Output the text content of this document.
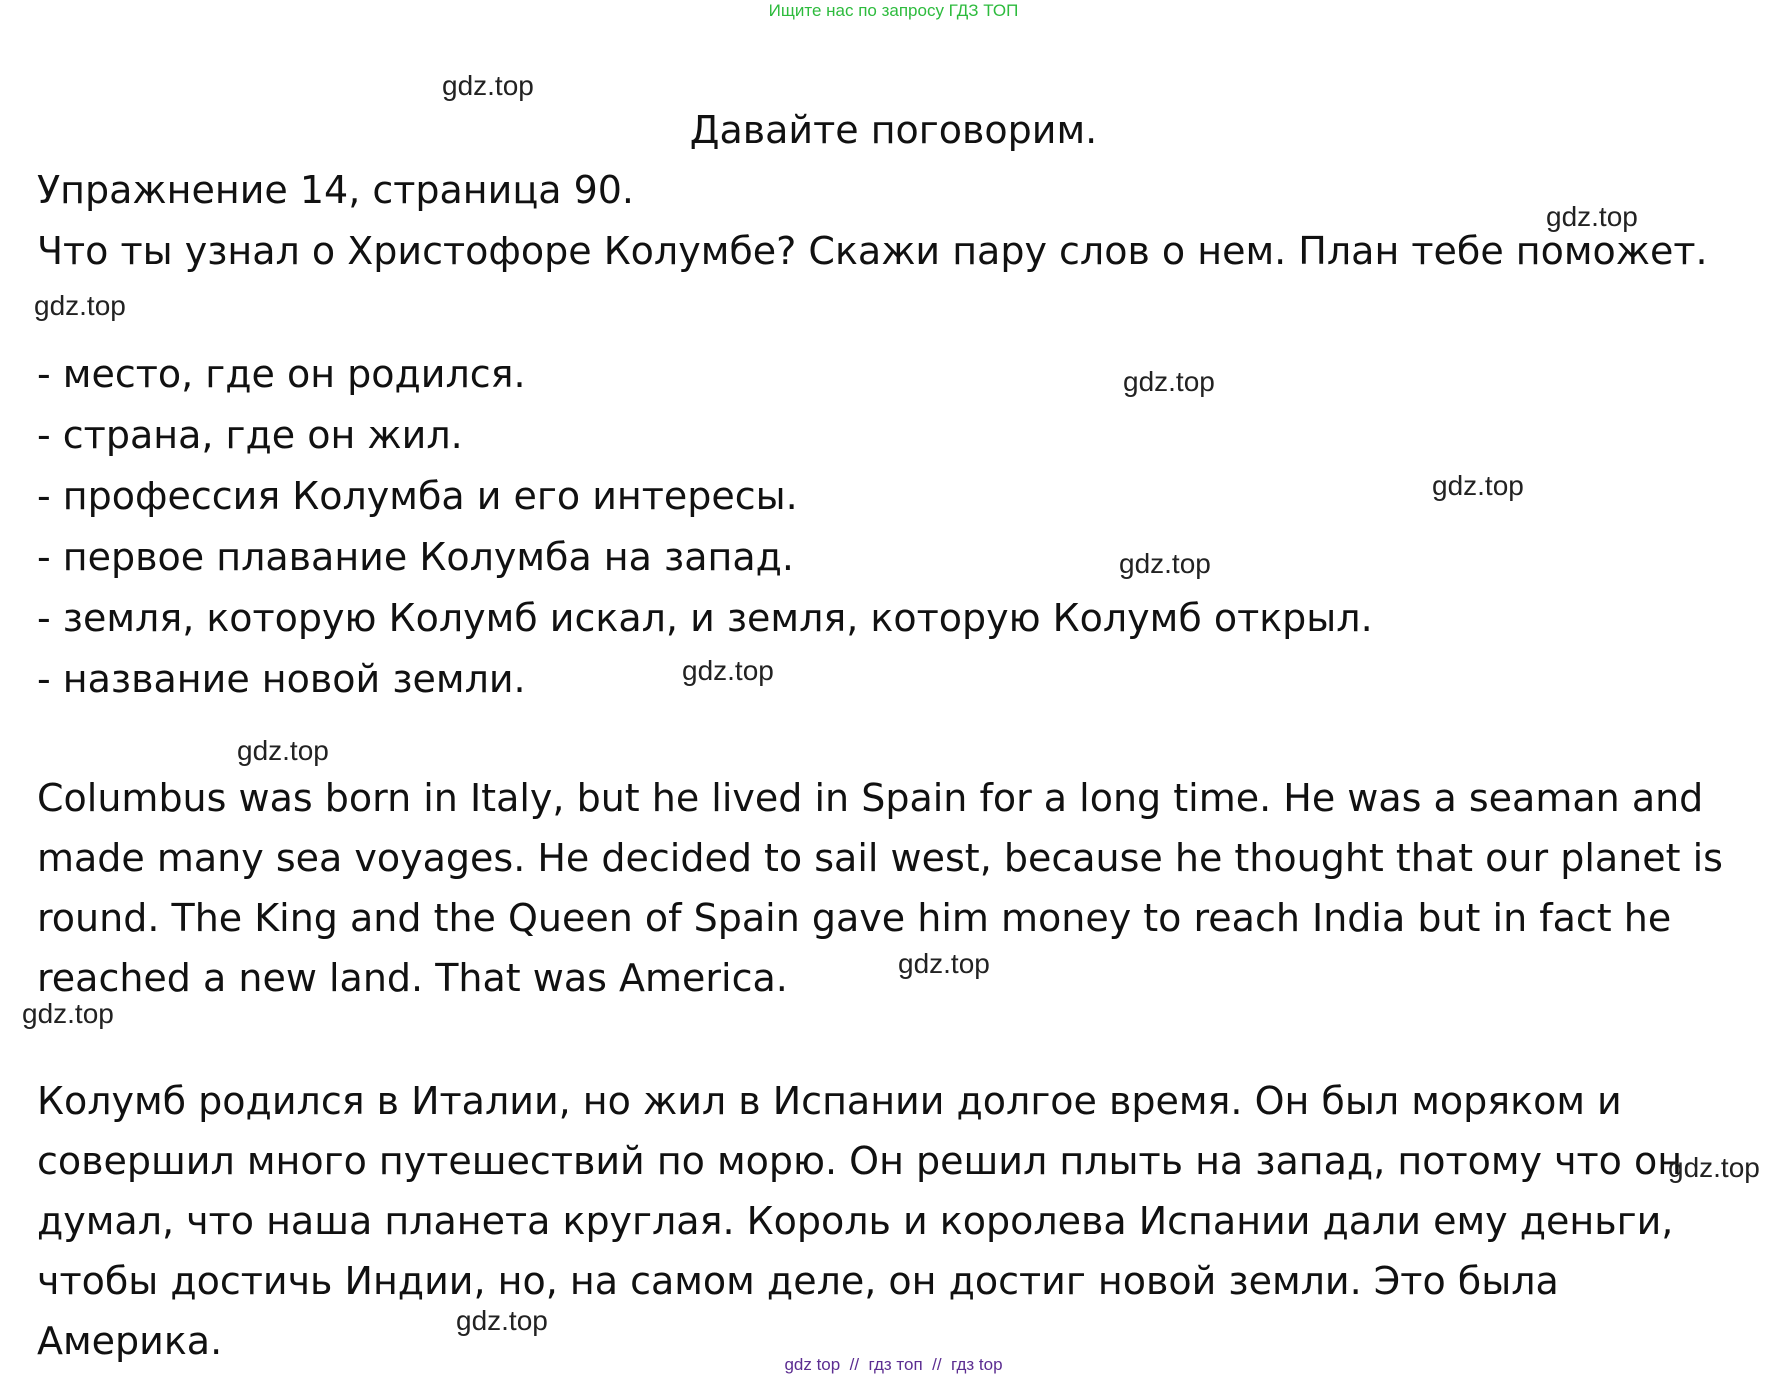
Ищите нас по запросу ГДЗ ТОП
Давайте поговорим.
Упражнение 14, страница 90.
Что ты узнал о Христофоре Колумбе? Скажи пару слов о нем. План тебе поможет.
- место, где он родился.
- страна, где он жил.
- профессия Колумба и его интересы.
- первое плавание Колумба на запад.
- земля, которую Колумб искал, и земля, которую Колумб открыл.
- название новой земли.
Columbus was born in Italy, but he lived in Spain for a long time. He was a seaman and made many sea voyages. He decided to sail west, because he thought that our planet is round. The King and the Queen of Spain gave him money to reach India but in fact he reached a new land. That was America.
Колумб родился в Италии, но жил в Испании долгое время. Он был моряком и совершил много путешествий по морю. Он решил плыть на запад, потому что он думал, что наша планета круглая. Король и королева Испании дали ему деньги, чтобы достичь Индии, но, на самом деле, он достиг новой земли. Это была Америка.
gdz.top
gdz.top
gdz.top
gdz.top
gdz.top
gdz.top
gdz.top
gdz.top
gdz.top
gdz.top
gdz.top
gdz.top
gdz top  //  гдз топ  //  гдз top
